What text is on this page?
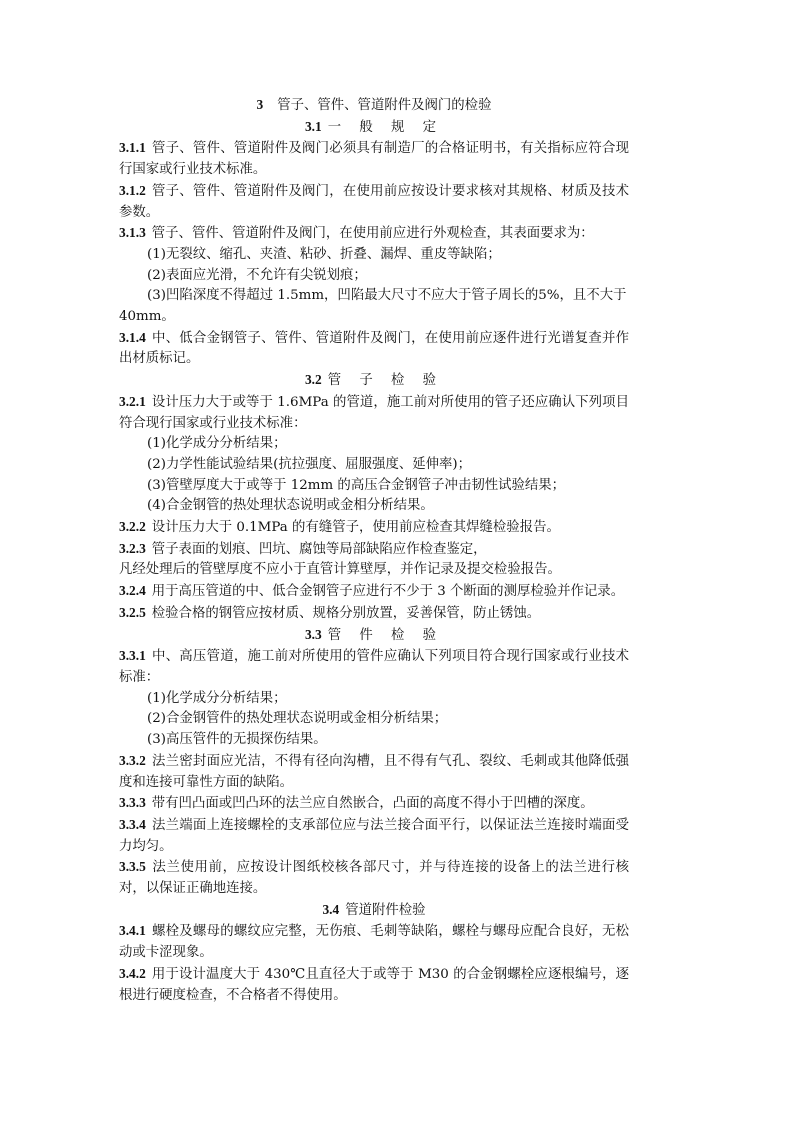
3 管子、管件、管道附件及阀门的检验

3.1 一 般 规 定

3.1.1 管子、管件、管道附件及阀门必须具有制造厂的合格证明书，有关指标应符合现行国家或行业技术标准。

3.1.2 管子、管件、管道附件及阀门，在使用前应按设计要求核对其规格、材质及技术参数。

3.1.3 管子、管件、管道附件及阀门，在使用前应进行外观检查，其表面要求为：

(1)无裂纹、缩孔、夹渣、粘砂、折叠、漏焊、重皮等缺陷；

(2)表面应光滑，不允许有尖锐划痕；

(3)凹陷深度不得超过 1.5mm，凹陷最大尺寸不应大于管子周长的5%，且不大于 40mm。

3.1.4 中、低合金钢管子、管件、管道附件及阀门，在使用前应逐件进行光谱复查并作出材质标记。

3.2 管 子 检 验

3.2.1 设计压力大于或等于 1.6MPa 的管道，施工前对所使用的管子还应确认下列项目符合现行国家或行业技术标准：

(1)化学成分分析结果；

(2)力学性能试验结果(抗拉强度、屈服强度、延伸率)；

(3)管壁厚度大于或等于 12mm 的高压合金钢管子冲击韧性试验结果；

(4)合金钢管的热处理状态说明或金相分析结果。

3.2.2 设计压力大于 0.1MPa 的有缝管子，使用前应检查其焊缝检验报告。

3.2.3 管子表面的划痕、凹坑、腐蚀等局部缺陷应作检查鉴定，

凡经处理后的管壁厚度不应小于直管计算壁厚，并作记录及提交检验报告。

3.2.4 用于高压管道的中、低合金钢管子应进行不少于 3 个断面的测厚检验并作记录。

3.2.5 检验合格的钢管应按材质、规格分别放置，妥善保管，防止锈蚀。

3.3 管 件 检 验

3.3.1 中、高压管道，施工前对所使用的管件应确认下列项目符合现行国家或行业技术标准：

(1)化学成分分析结果；

(2)合金钢管件的热处理状态说明或金相分析结果；

(3)高压管件的无损探伤结果。

3.3.2 法兰密封面应光洁，不得有径向沟槽，且不得有气孔、裂纹、毛刺或其他降低强度和连接可靠性方面的缺陷。

3.3.3 带有凹凸面或凹凸环的法兰应自然嵌合，凸面的高度不得小于凹槽的深度。

3.3.4 法兰端面上连接螺栓的支承部位应与法兰接合面平行，以保证法兰连接时端面受力均匀。

3.3.5 法兰使用前，应按设计图纸校核各部尺寸，并与待连接的设备上的法兰进行核对，以保证正确地连接。

3.4 管道附件检验

3.4.1 螺栓及螺母的螺纹应完整，无伤痕、毛刺等缺陷，螺栓与螺母应配合良好，无松动或卡涩现象。

3.4.2 用于设计温度大于 430℃且直径大于或等于 M30 的合金钢螺栓应逐根编号，逐根进行硬度检查，不合格者不得使用。
